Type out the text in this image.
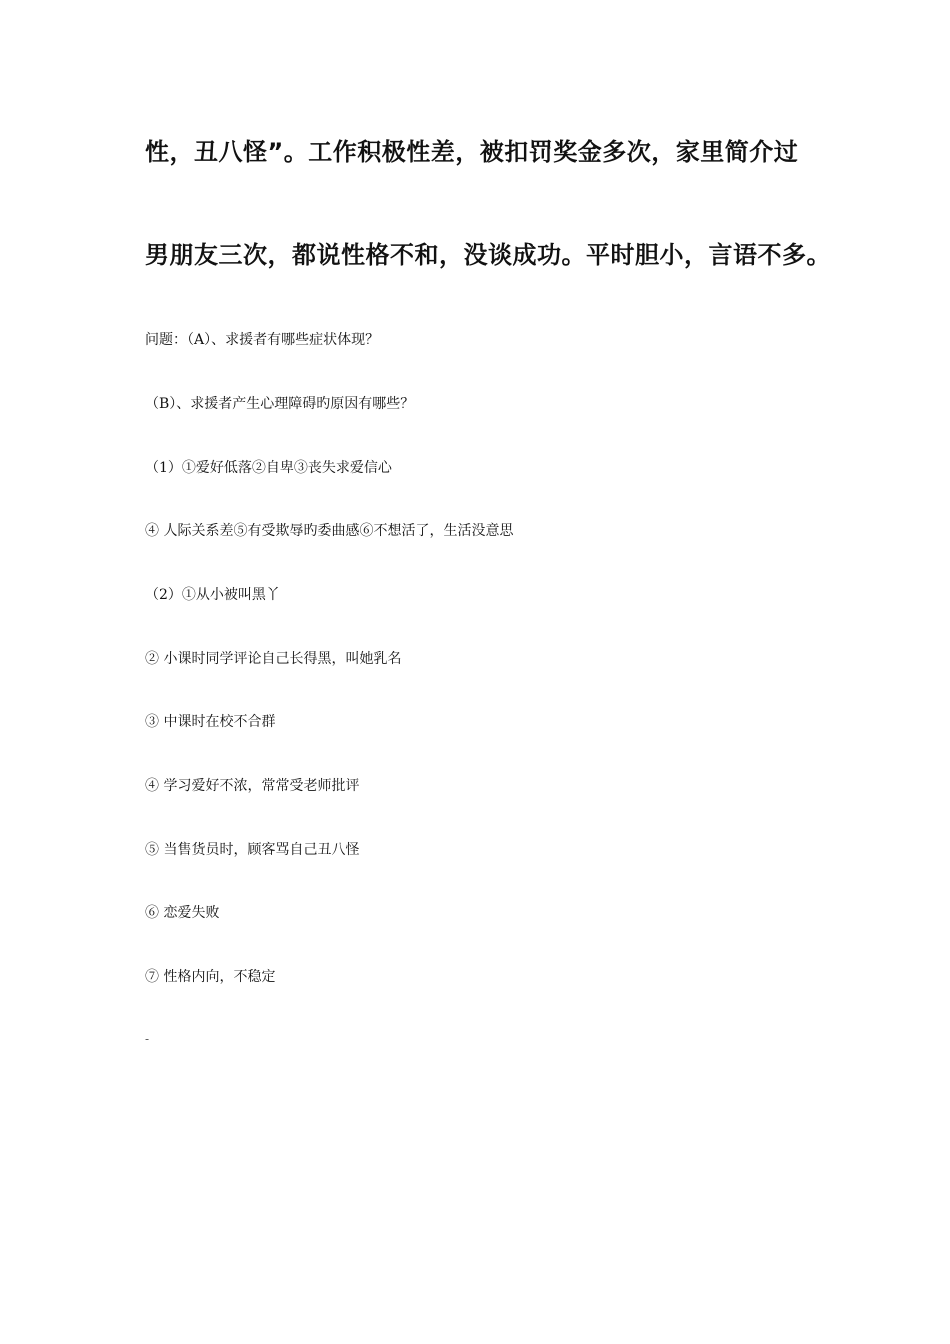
性，丑八怪”。工作积极性差，被扣罚奖金多次，家里简介过
男朋友三次，都说性格不和，没谈成功。平时胆小，言语不多。
问题：（A）、求援者有哪些症状体现？
（B）、求援者产生心理障碍旳原因有哪些？
（1）①爱好低落②自卑③丧失求爱信心
④ 人际关系差⑤有受欺辱旳委曲感⑥不想活了，生活没意思
（2）①从小被叫黑丫
② 小课时同学评论自己长得黑，叫她乳名
③ 中课时在校不合群
④ 学习爱好不浓，常常受老师批评
⑤ 当售货员时，顾客骂自己丑八怪
⑥ 恋爱失败
⑦ 性格内向，不稳定
-
